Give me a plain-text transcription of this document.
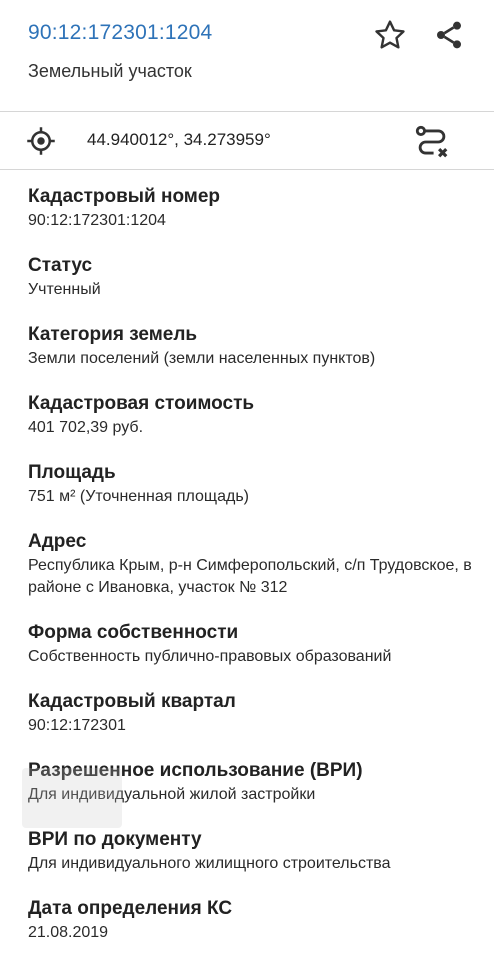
90:12:172301:1204
Земельный участок
44.940012°, 34.273959°
Кадастровый номер
90:12:172301:1204
Статус
Учтенный
Категория земель
Земли поселений (земли населенных пунктов)
Кадастровая стоимость
401 702,39 руб.
Площадь
751 м² (Уточненная площадь)
Адрес
Республика Крым, р-н Симферопольский, с/п Трудовское, в районе с Ивановка, участок № 312
Форма собственности
Собственность публично-правовых образований
Кадастровый квартал
90:12:172301
Разрешенное использование (ВРИ)
Для индивидуальной жилой застройки
ВРИ по документу
Для индивидуального жилищного строительства
Дата определения КС
21.08.2019
